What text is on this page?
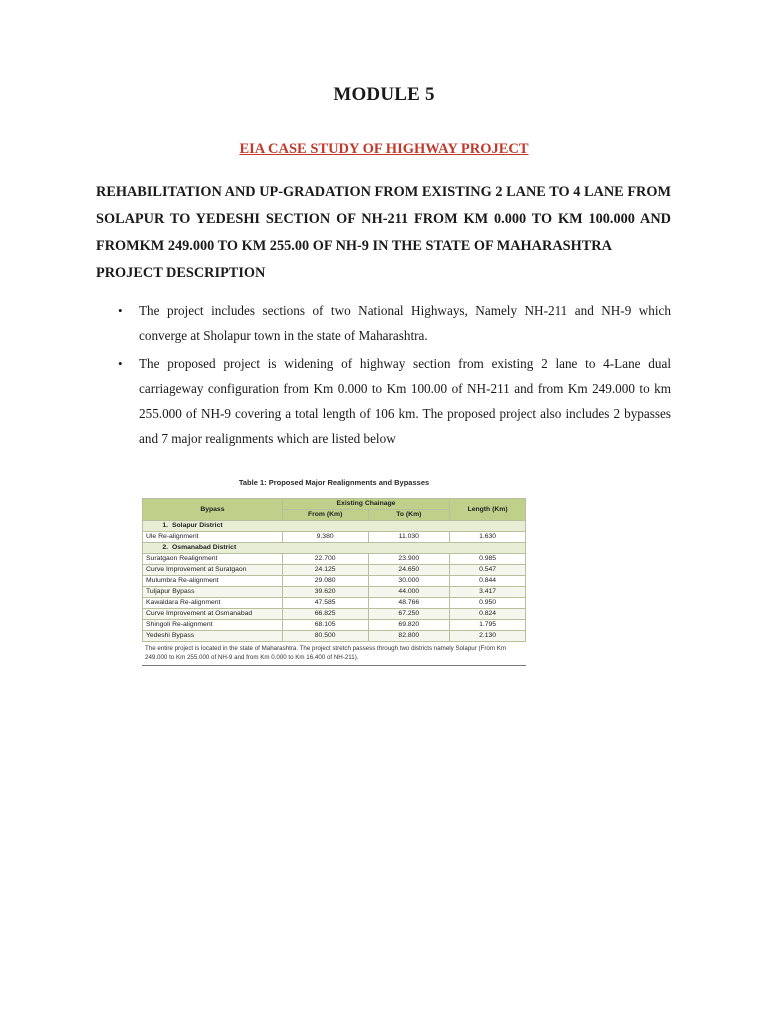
MODULE 5
EIA CASE STUDY OF HIGHWAY PROJECT
REHABILITATION AND UP-GRADATION FROM EXISTING 2 LANE TO 4 LANE FROM
SOLAPUR TO YEDESHI SECTION OF NH-211 FROM KM 0.000 TO KM 100.000 AND
FROMKM 249.000 TO KM 255.00 OF NH-9 IN THE STATE OF MAHARASHTRA
PROJECT DESCRIPTION
• The project includes sections of two National Highways, Namely NH-211 and NH-9 which converge at Sholapur town in the state of Maharashtra.
• The proposed project is widening of highway section from existing 2 lane to 4-Lane dual carriageway configuration from Km 0.000 to Km 100.00 of NH-211 and from Km 249.000 to km 255.000 of NH-9 covering a total length of 106 km. The proposed project also includes 2 bypasses and 7 major realignments which are listed below
Table 1: Proposed Major Realignments and Bypasses
Bypass	Existing Chainage		Length (Km)
	From (Km)	To (Km)	
1. Solapur District			
Ule Re-alignment	9.380	11.030	1.630
2. Osmanabad District			
Suratgaon Realignment	22.700	23.900	0.985
Curve Improvement at Suratgaon	24.125	24.650	0.547
Mulumbra Re-alignment	29.080	30.000	0.844
Tuljapur Bypass	39.620	44.000	3.417
Kawaldara Re-alignment	47.585	48.766	0.950
Curve Improvement at Osmanabad	66.825	67.250	0.824
Shingoli Re-alignment	68.105	69.820	1.795
Yedeshi Bypass	80.500	82.800	2.130
The entire project is located in the state of Maharashtra. The project stretch passess through two districts namely Solapur (From Km 249.000 to Km 255.000 of NH-9 and from Km 0.000 to Km 16.400 of NH-211).
